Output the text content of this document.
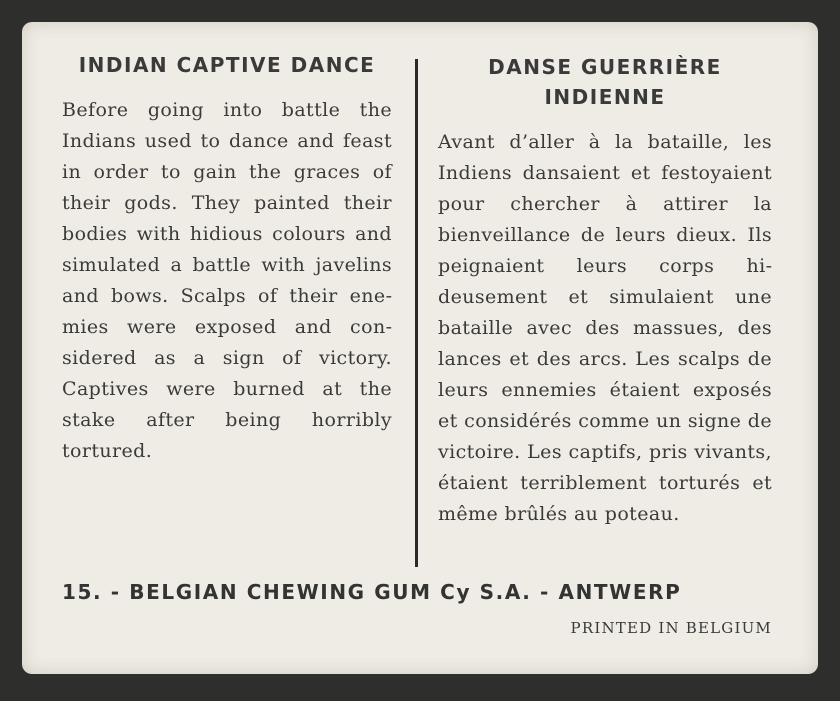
INDIAN CAPTIVE DANCE

Before going into battle the Indians used to dance and feast in order to gain the graces of their gods. They painted their bodies with hidious colours and simulated a battle with javelins and bows. Scalps of their enemies were exposed and considered as a sign of victory. Captives were burned at the stake after being horribly tortured.

DANSE GUERRIÈRE INDIENNE

Avant d’aller à la bataille, les Indiens dansaient et festoyaient pour chercher à attirer la bienveillance de leurs dieux. Ils peignaient leurs corps hideusement et simulaient une bataille avec des massues, des lances et des arcs. Les scalps de leurs ennemies étaient exposés et considérés comme un signe de victoire. Les captifs, pris vivants, étaient terriblement torturés et même brûlés au poteau.

15. - BELGIAN CHEWING GUM Cy S.A. - ANTWERP
PRINTED IN BELGIUM
